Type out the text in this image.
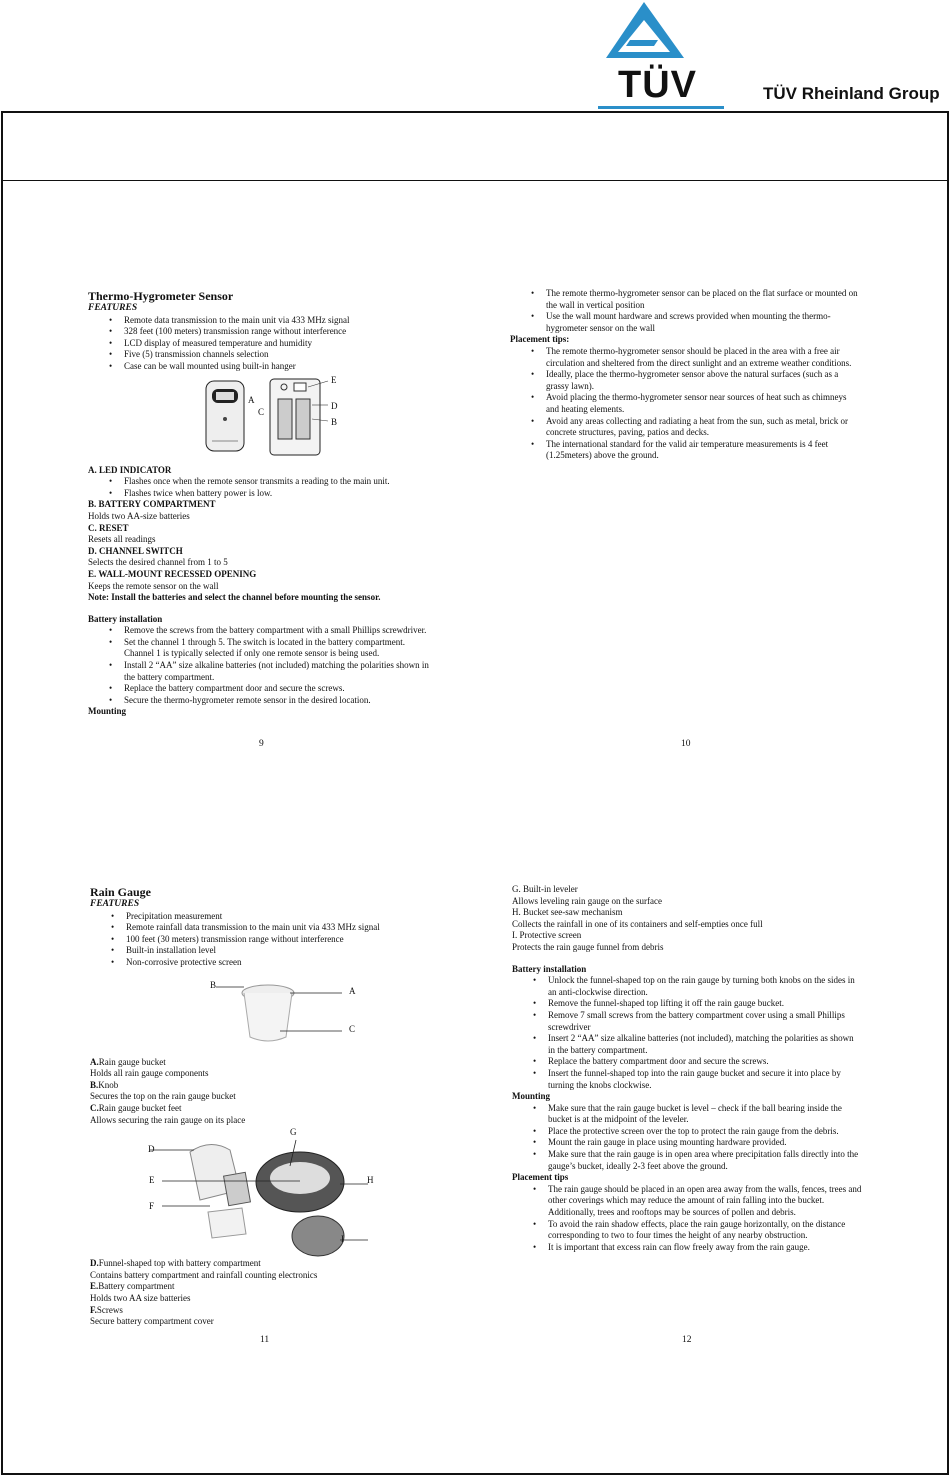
TÜV	TÜV Rheinland Group
Thermo-Hygrometer Sensor
FEATURES
• Remote data transmission to the main unit via 433 MHz signal
• 328 feet (100 meters) transmission range without interference
• LCD display of measured temperature and humidity
• Five (5) transmission channels selection
• Case can be wall mounted using built-in hanger
A
C
E
D
B
A. LED INDICATOR
• Flashes once when the remote sensor transmits a reading to the main unit.
• Flashes twice when battery power is low.
B. BATTERY COMPARTMENT

Holds two AA-size batteries

C. RESET

Resets all readings

D. CHANNEL SWITCH

Selects the desired channel from 1 to 5

E. WALL-MOUNT RECESSED OPENING

Keeps the remote sensor on the wall

Note: Install the batteries and select the channel before mounting the sensor.

Battery installation
• Remove the screws from the battery compartment with a small Phillips screwdriver.
• Set the channel 1 through 5. The switch is located in the battery compartment. Channel 1 is typically selected if only one remote sensor is being used.
• Install 2 “AA” size alkaline batteries (not included) matching the polarities shown in the battery compartment.
• Replace the battery compartment door and secure the screws.
• Secure the thermo-hygrometer remote sensor in the desired location.
Mounting
9
• The remote thermo-hygrometer sensor can be placed on the flat surface or mounted on the wall in vertical position
• Use the wall mount hardware and screws provided when mounting the thermo-hygrometer sensor on the wall
Placement tips:
• The remote thermo-hygrometer sensor should be placed in the area with a free air circulation and sheltered from the direct sunlight and an extreme weather conditions.
• Ideally, place the thermo-hygrometer sensor above the natural surfaces (such as a grassy lawn).
• Avoid placing the thermo-hygrometer sensor near sources of heat such as chimneys and heating elements.
• Avoid any areas collecting and radiating a heat from the sun, such as metal, brick or concrete structures, paving, patios and decks.
• The international standard for the valid air temperature measurements is 4 feet (1.25meters) above the ground.
10
Rain Gauge
FEATURES
• Precipitation measurement
• Remote rainfall data transmission to the main unit via 433 MHz signal
• 100 feet (30 meters) transmission range without interference
• Built-in installation level
• Non-corrosive protective screen
B
A
C

A.Rain gauge bucket

Holds all rain gauge components

B.Knob

Secures the top on the rain gauge bucket

C.Rain gauge bucket feet

Allows securing the rain gauge on its place

G
D
E	H
F
I

D.Funnel-shaped top with battery compartment

Contains battery compartment and rainfall counting electronics

E.Battery compartment

Holds two AA size batteries

F.Screws

Secure battery compartment cover

11

G. Built-in leveler

Allows leveling rain gauge on the surface

H. Bucket see-saw mechanism

Collects the rainfall in one of its containers and self-empties once full

I. Protective screen

Protects the rain gauge funnel from debris

Battery installation
• Unlock the funnel-shaped top on the rain gauge by turning both knobs on the sides in an anti-clockwise direction.
• Remove the funnel-shaped top lifting it off the rain gauge bucket.
• Remove 7 small screws from the battery compartment cover using a small Phillips screwdriver
• Insert 2 “AA” size alkaline batteries (not included), matching the polarities as shown in the battery compartment.
• Replace the battery compartment door and secure the screws.
• Insert the funnel-shaped top into the rain gauge bucket and secure it into place by turning the knobs clockwise.
Mounting
• Make sure that the rain gauge bucket is level – check if the ball bearing inside the bucket is at the midpoint of the leveler.
• Place the protective screen over the top to protect the rain gauge from the debris.
• Mount the rain gauge in place using mounting hardware provided.
• Make sure that the rain gauge is in open area where precipitation falls directly into the gauge’s bucket, ideally 2-3 feet above the ground.
Placement tips
• The rain gauge should be placed in an open area away from the walls, fences, trees and other coverings which may reduce the amount of rain falling into the bucket. Additionally, trees and rooftops may be sources of pollen and debris.
• To avoid the rain shadow effects, place the rain gauge horizontally, on the distance corresponding to two to four times the height of any nearby obstruction.
• It is important that excess rain can flow freely away from the rain gauge.
12
